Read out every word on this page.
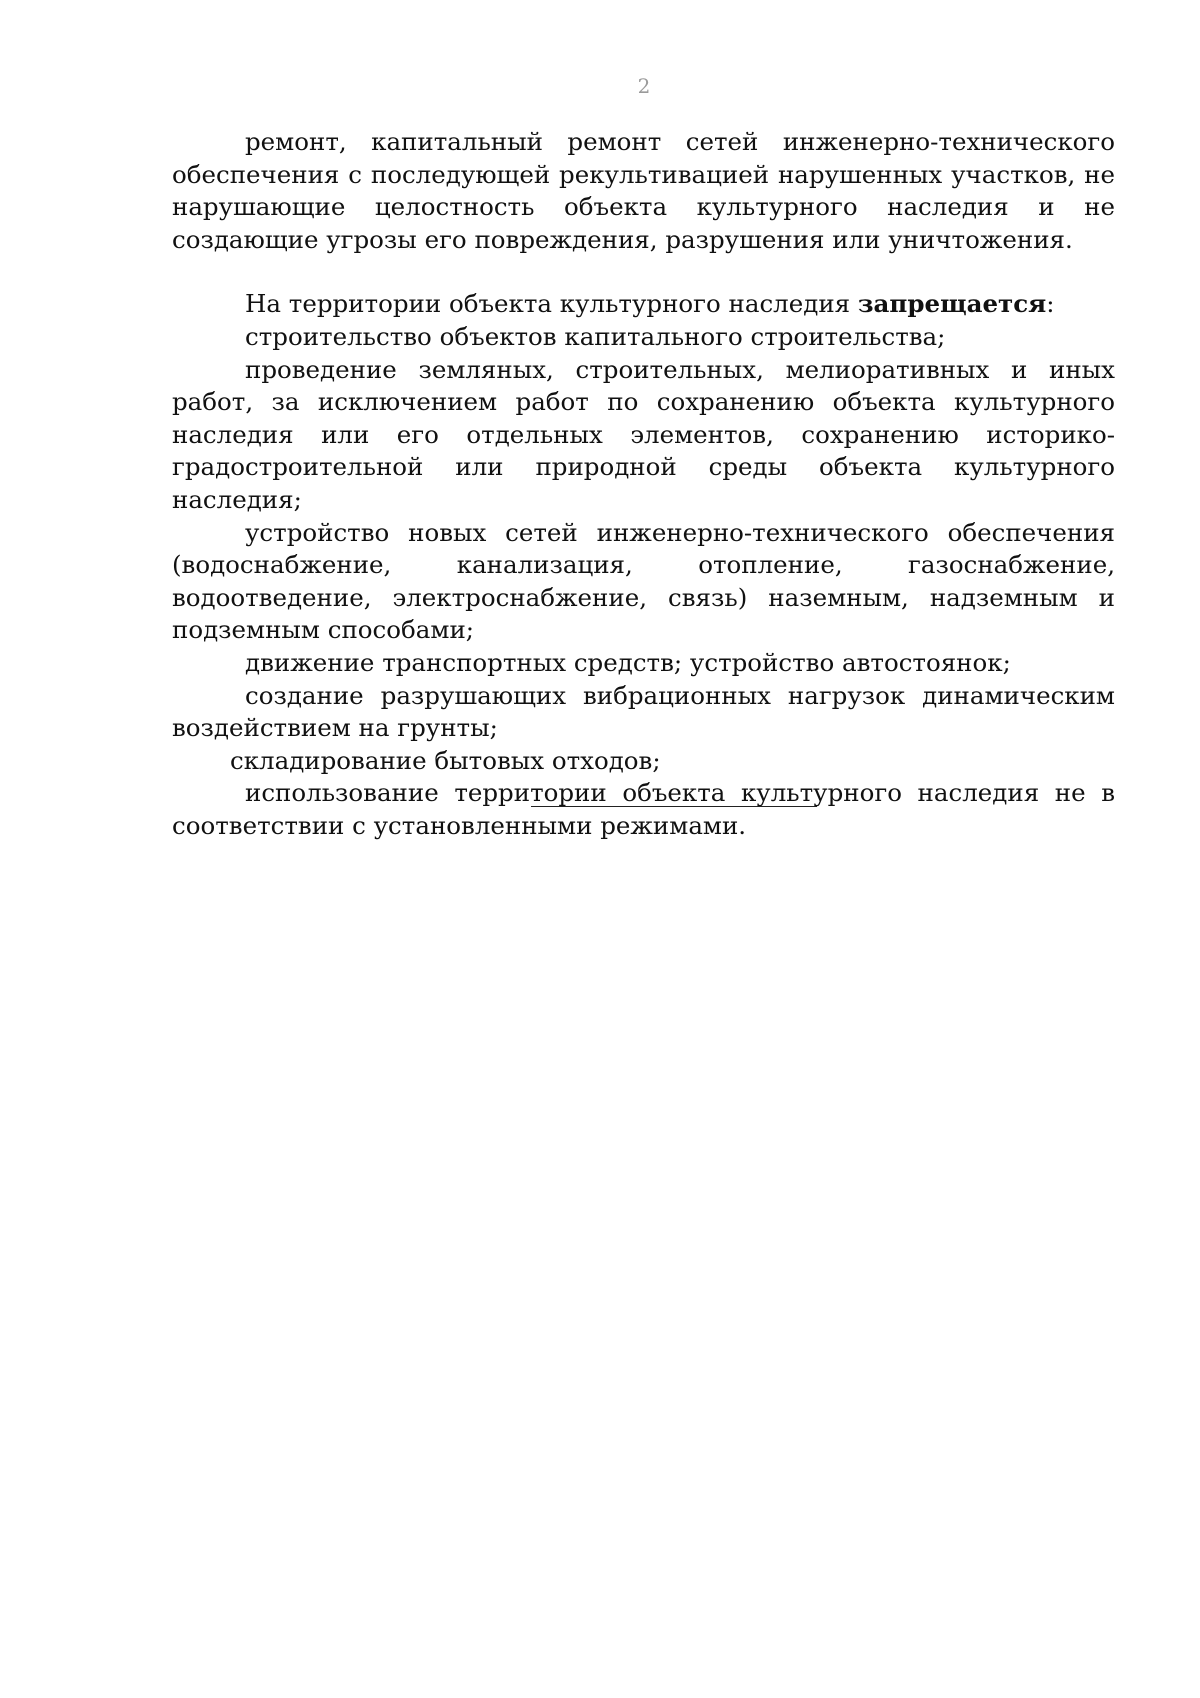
2

ремонт, капитальный ремонт сетей инженерно-технического обеспечения с последующей рекультивацией нарушенных участков, не нарушающие целостность объекта культурного наследия и не создающие угрозы его повреждения, разрушения или уничтожения.

На территории объекта культурного наследия запрещается:

строительство объектов капитального строительства;

проведение земляных, строительных, мелиоративных и иных работ, за исключением работ по сохранению объекта культурного наследия или его отдельных элементов, сохранению историко-градостроительной или природной среды объекта культурного наследия;

устройство новых сетей инженерно-технического обеспечения (водоснабжение, канализация, отопление, газоснабжение, водоотведение, электроснабжение, связь) наземным, надземным и подземным способами;

движение транспортных средств; устройство автостоянок;

создание разрушающих вибрационных нагрузок динамическим воздействием на грунты;

складирование бытовых отходов;

использование территории объекта культурного наследия не в соответствии с установленными режимами.
